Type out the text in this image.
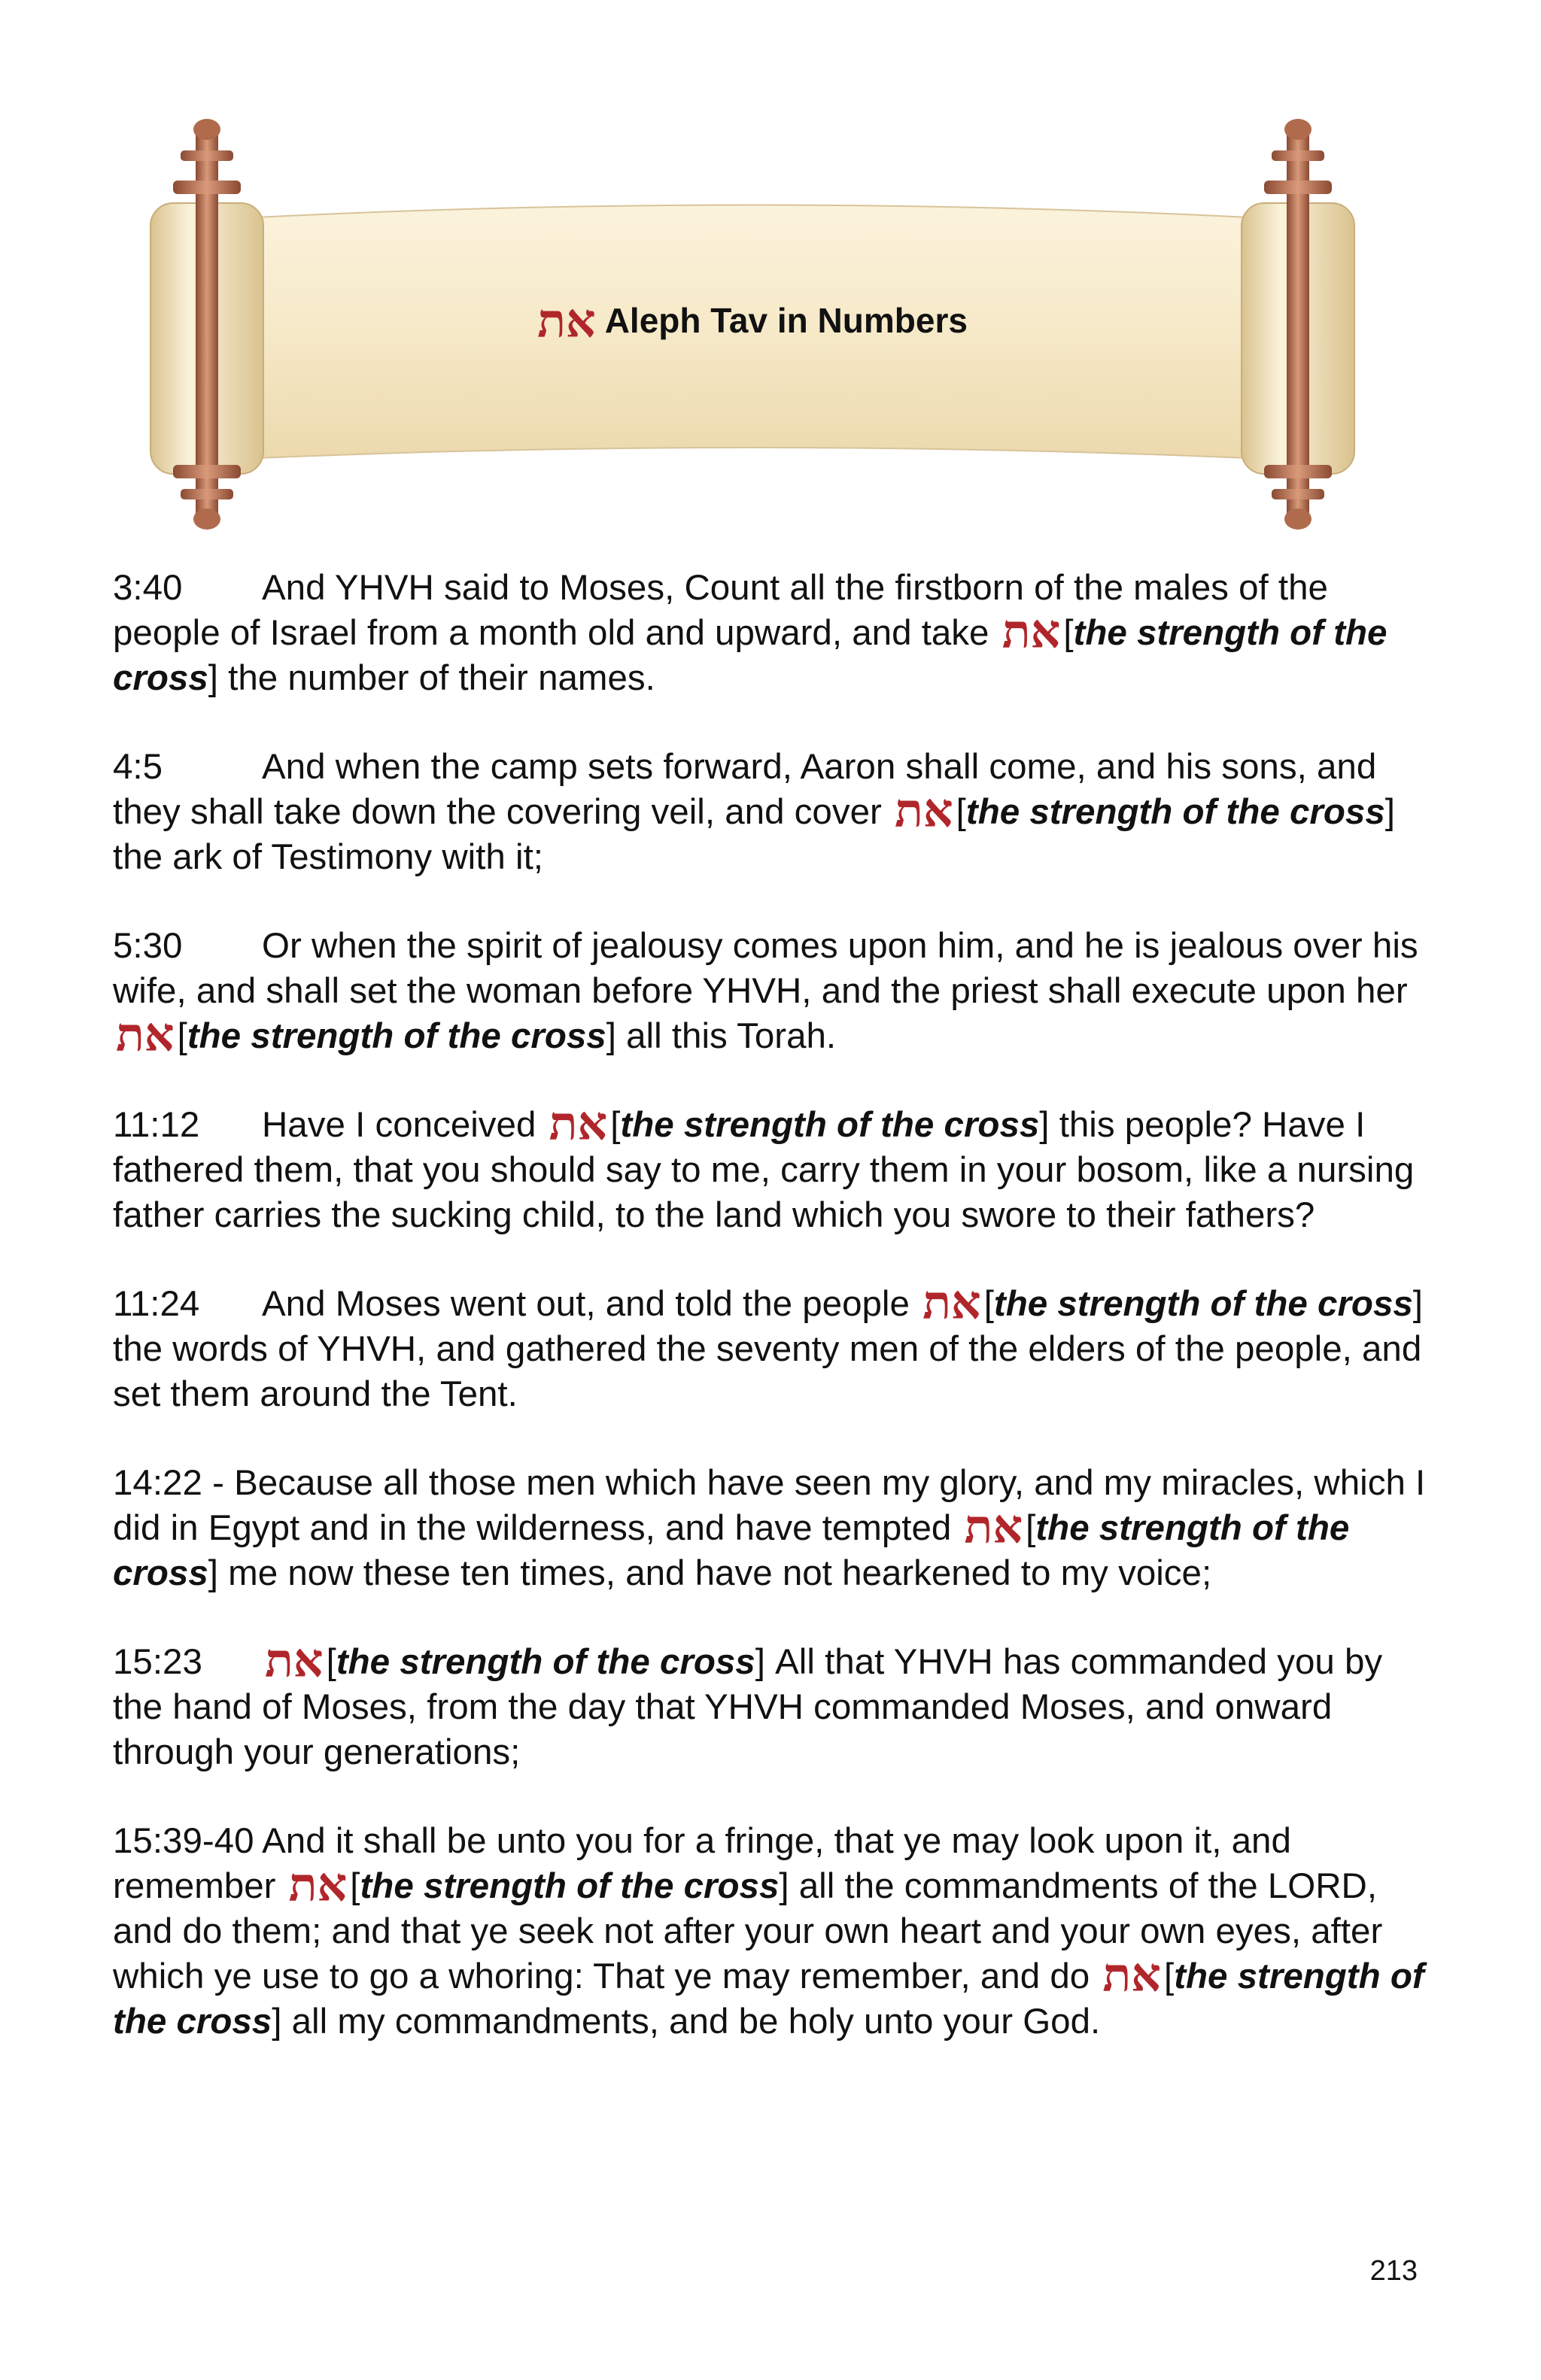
את Aleph Tav in Numbers

3:40 And YHVH said to Moses, Count all the firstborn of the males of the people of Israel from a month old and upward, and take את[the strength of the cross] the number of their names.

4:5	And when the camp sets forward, Aaron shall come, and his sons, and they shall take down the covering veil, and cover את[the strength of the cross] the ark of Testimony with it;

5:30 Or when the spirit of jealousy comes upon him, and he is jealous over his wife, and shall set the woman before YHVH, and the priest shall execute upon her את[the strength of the cross] all this Torah.

11:12 Have I conceived את[the strength of the cross] this people? Have I fathered them, that you should say to me, carry them in your bosom, like a nursing father carries the sucking child, to the land which you swore to their fathers?

11:24 And Moses went out, and told the people את[the strength of the cross] the words of YHVH, and gathered the seventy men of the elders of the people, and set them around the Tent.

14:22 - Because all those men which have seen my glory, and my miracles, which I did in Egypt and in the wilderness, and have tempted את[the strength of the cross] me now these ten times, and have not hearkened to my voice;

15:23 את[the strength of the cross] All that YHVH has commanded you by the hand of Moses, from the day that YHVH commanded Moses, and onward through your generations;

15:39-40 And it shall be unto you for a fringe, that ye may look upon it, and remember את[the strength of the cross] all the commandments of the LORD, and do them; and that ye seek not after your own heart and your own eyes, after which ye use to go a whoring: That ye may remember, and do את[the strength of the cross] all my commandments, and be holy unto your God.

213
